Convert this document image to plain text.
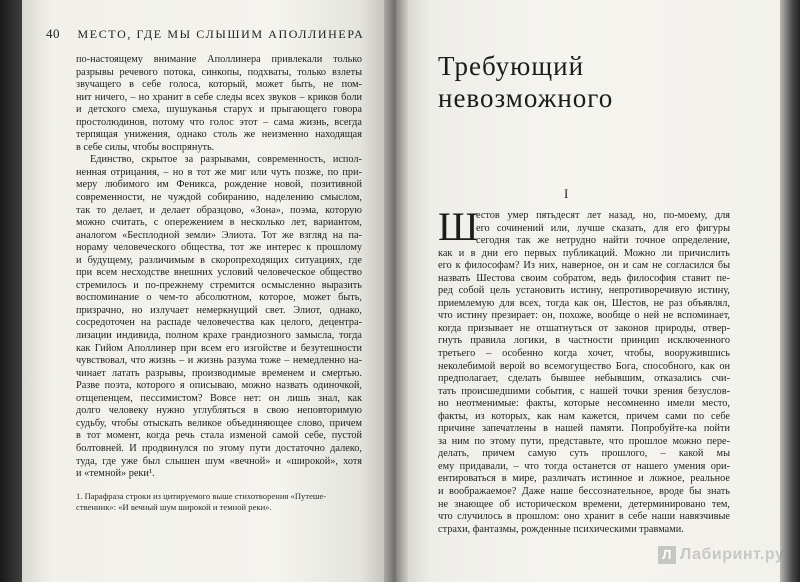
40 МЕСТО, ГДЕ МЫ СЛЫШИМ АПОЛЛИНЕРА
по-настоящему внимание Аполлинера привлекали только
разрывы речевого потока, синкопы, подхваты, только взлеты
звучащего в себе голоса, который, может быть, не пом-
нит ничего, – но хранит в себе следы всех звуков – криков боли
и детского смеха, шушуканья старух и прыгающего говора
простолюдинов, потому что голос этот – сама жизнь, всегда
терпящая унижения, однако столь же неизменно находящая
в себе силы, чтобы воспрянуть.
Единство, скрытое за разрывами, современность, испол-
ненная отрицания, – но в тот же миг или чуть позже, по при-
меру любимого им Феникса, рождение новой, позитивной
современности, не чуждой собиранию, наделению смыслом,
так то делает, и делает образцово, «Зона», поэма, которую
можно считать, с опережением в несколько лет, вариантом,
аналогом «Бесплодной земли» Элиота. Тот же взгляд на па-
нораму человеческого общества, тот же интерес к прошлому
и будущему, различимым в скоропреходящих ситуациях, где
при всем несходстве внешних условий человеческое общество
стремилось и по-прежнему стремится осмысленно выразить
воспоминание о чем-то абсолютном, которое, может быть,
призрачно, но излучает немеркнущий свет. Элиот, однако,
сосредоточен на распаде человечества как целого, децентра-
лизации индивида, полном крахе грандиозного замысла, тогда
как Гийом Аполлинер при всем его изгойстве и безутешности
чувствовал, что жизнь – и жизнь разума тоже – немедленно на-
чинает латать разрывы, производимые временем и смертью.
Разве поэта, которого я описываю, можно назвать одиночкой,
отщепенцем, пессимистом? Вовсе нет: он лишь знал, как
долго человеку нужно углубляться в свою неповторимую
судьбу, чтобы отыскать великое объединяющее слово, причем
в тот момент, когда речь стала изменой самой себе, пустой
болтовней. И продвинулся по этому пути достаточно далеко,
туда, где уже был слышен шум «вечной» и «широкой», хотя
и «темной» реки¹.
1. Парафраза строки из цитируемого выше стихотворения «Путеше-
ственник»: «И вечный шум широкой и темной реки».
Требующий
невозможного
I
Ш
естов умер пятьдесят лет назад, но, по-моему, для
его сочинений или, лучше сказать, для его фигуры
сегодня так же нетрудно найти точное определение,
как и в дни его первых публикаций. Можно ли причислить
его к философам? Из них, наверное, он и сам не согласился бы
назвать Шестова своим собратом, ведь философия ставит пе-
ред собой цель установить истину, непротиворечивую истину,
приемлемую для всех, тогда как он, Шестов, не раз объявлял,
что истину презирает: он, похоже, вообще о ней не вспоминает,
когда призывает не отшатнуться от законов природы, отвер-
гнуть правила логики, в частности принцип исключенного
третьего – особенно когда хочет, чтобы, вооружившись
неколебимой верой во всемогущество Бога, способного, как он
предполагает, сделать бывшее небывшим, отказались счи-
тать происшедшими события, с нашей точки зрения безуслов-
но неотменимые: факты, которые несомненно имели место,
факты, из которых, как нам кажется, причем сами по себе
причине запечатлены в нашей памяти. Попробуйте-ка пойти
за ним по этому пути, представьте, что прошлое можно пере-
делать, причем самую суть прошлого, – какой мы
ему придавали, – что тогда останется от нашего умения ори-
ентироваться в мире, различать истинное и ложное, реальное
и воображаемое? Даже наше бессознательное, вроде бы знать
не знающее об историческом времени, детерминировано тем,
что случилось в прошлом: оно хранит в себе наши навязчивые
страхи, фантазмы, рожденные психическими травмами.
Л Лабиринт.ру
